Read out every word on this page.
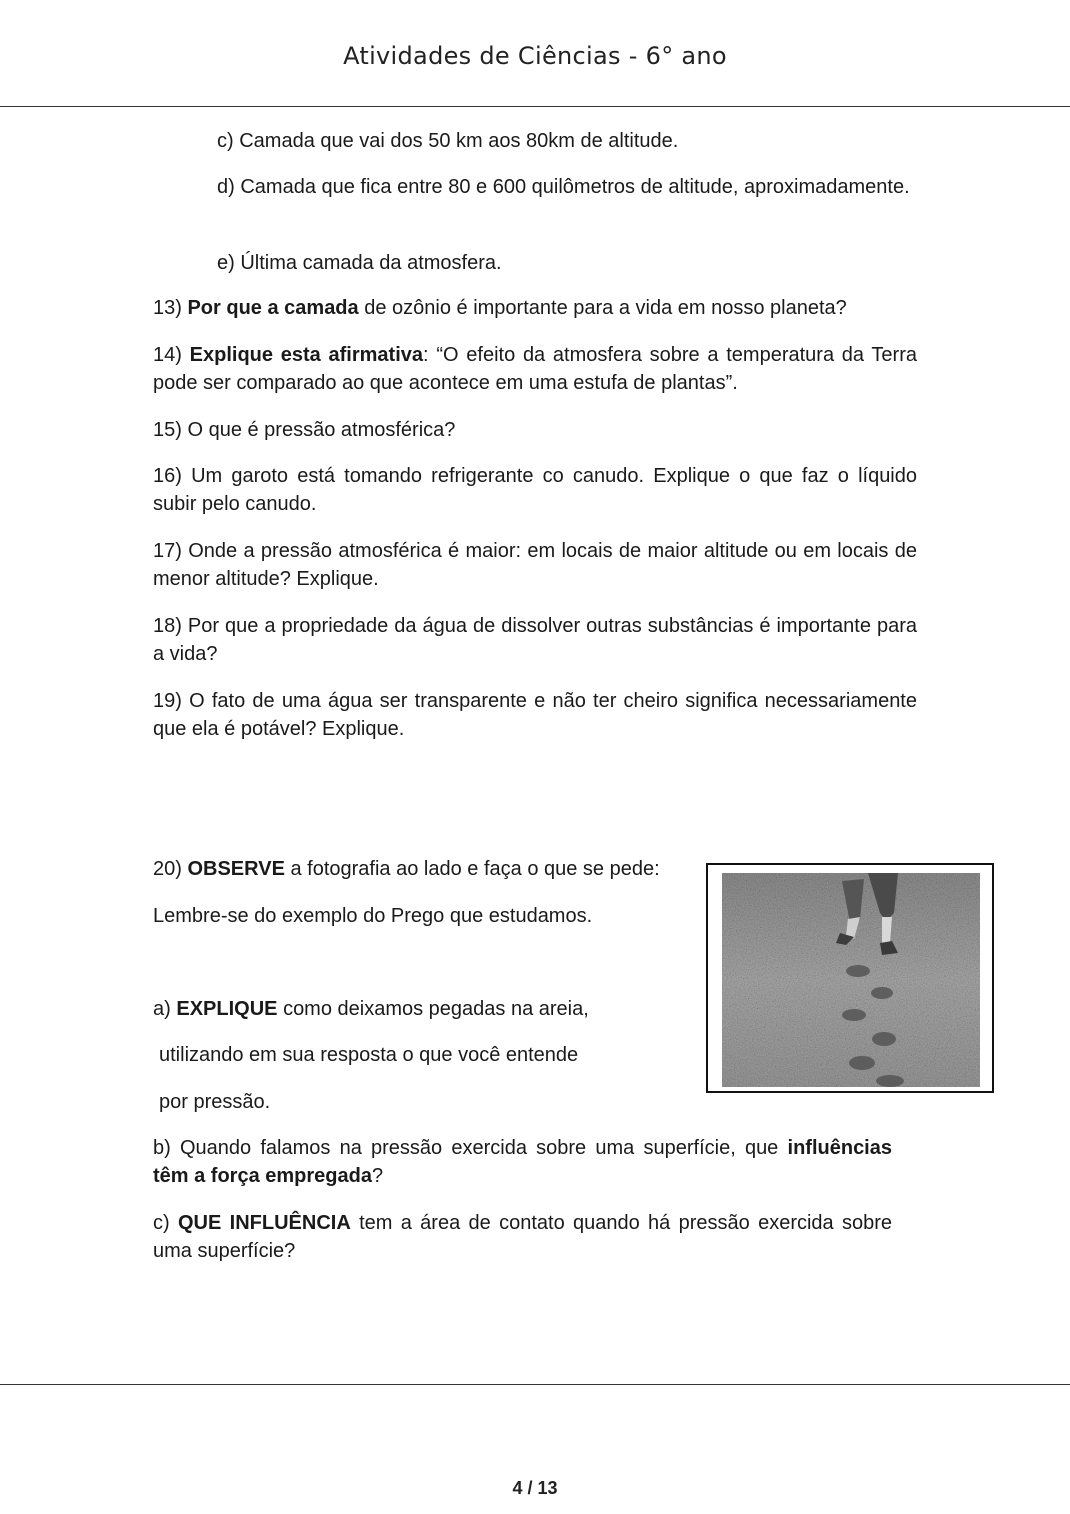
Atividades de Ciências - 6° ano

c) Camada que vai dos 50 km aos 80km de altitude.

d) Camada que fica entre 80 e 600 quilômetros de altitude, aproximadamente.

e) Última camada da atmosfera.

13) Por que a camada de ozônio é importante para a vida em nosso planeta?

14) Explique esta afirmativa: “O efeito da atmosfera sobre a temperatura da Terra pode ser comparado ao que acontece em uma estufa de plantas”.

15) O que é pressão atmosférica?

16) Um garoto está tomando refrigerante co canudo. Explique o que faz o líquido subir pelo canudo.

17) Onde a pressão atmosférica é maior: em locais de maior altitude ou em locais de menor altitude? Explique.

18) Por que a propriedade da água de dissolver outras substâncias é importante para a vida?

19) O fato de uma água ser transparente e não ter cheiro significa necessariamente que ela é potável? Explique.

20) OBSERVE a fotografia ao lado e faça o que se pede:

Lembre-se do exemplo do Prego que estudamos.

a) EXPLIQUE como deixamos pegadas na areia,

utilizando em sua resposta o que você entende

por pressão.

b) Quando falamos na pressão exercida sobre uma superfície, que influências têm a força empregada?

c) QUE INFLUÊNCIA tem a área de contato quando há pressão exercida sobre uma superfície?

4 / 13
